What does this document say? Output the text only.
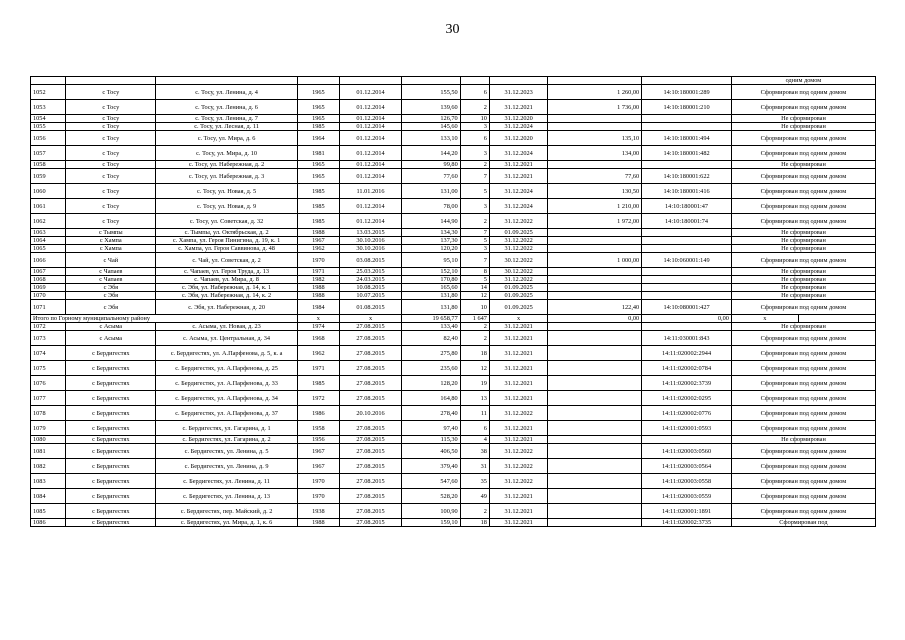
30
										одним домом	
1052	с Тосу	с. Тосу, ул. Ленина, д. 4	1965	01.12.2014	155,50	6	31.12.2023	1 260,00	14:10:180001:289	Сформирован под одним домом	
1053	с Тосу	с. Тосу, ул. Ленина, д. 6	1965	01.12.2014	139,60	2	31.12.2021	1 736,00	14:10:180001:210	Сформирован под одним домом	
1054	с Тосу	с. Тосу, ул. Ленина, д. 7	1965	01.12.2014	126,70	10	31.12.2020			Не сформирован	
1055	с Тосу	с. Тосу, ул. Лесная, д. 11	1985	01.12.2014	145,60	3	31.12.2024			Не сформирован	
1056	с Тосу	с. Тосу, ул. Мира, д. 6	1964	01.12.2014	133,10	6	31.12.2020	135,10	14:10:180001:494	Сформирован под одним домом	
1057	с Тосу	с. Тосу, ул. Мира, д. 10	1981	01.12.2014	144,20	3	31.12.2024	134,00	14:10:180001:482	Сформирован под одним домом	
1058	с Тосу	с. Тосу, ул. Набережная, д. 2	1965	01.12.2014	99,80	2	31.12.2021			Не сформирован	
1059	с Тосу	с. Тосу, ул. Набережная, д. 3	1965	01.12.2014	77,60	7	31.12.2021	77,60	14:10:180001:622	Сформирован под одним домом	
1060	с Тосу	с. Тосу, ул. Новая, д. 5	1985	11.01.2016	131,00	5	31.12.2024	130,50	14:10:180001:416	Сформирован под одним домом	
1061	с Тосу	с. Тосу, ул. Новая, д. 9	1985	01.12.2014	78,00	3	31.12.2024	1 210,00	14:10:180001:47	Сформирован под одним домом	
1062	с Тосу	с. Тосу, ул. Советская, д. 32	1985	01.12.2014	144,90	2	31.12.2022	1 972,00	14:10:180001:74	Сформирован под одним домом	
1063	с Тымпы	с. Тымпы, ул. Октябрьская, д. 2	1988	13.03.2015	134,30	7	01.09.2025			Не сформирован	
1064	с Хампа	с. Хампа, ул. Героя Пинигина, д. 19, к. 1	1967	30.10.2016	137,30	5	31.12.2022			Не сформирован	
1065	с Хампа	с. Хампа, ул. Героя Саввинова, д. 48	1962	30.10.2016	120,20	3	31.12.2022			Не сформирован	
1066	с Чай	с. Чай, ул. Советская, д. 2	1970	03.08.2015	95,10	7	30.12.2022	1 000,00	14:10:060001:149	Сформирован под одним домом	
1067	с Чапаев	с. Чапаев, ул. Героя Труда, д. 13	1971	25.03.2015	152,10	8	30.12.2022			Не сформирован	
1068	с Чапаев	с. Чапаев, ул. Мира, д. 8	1982	24.03.2015	170,80	5	31.12.2022			Не сформирован	
1069	с Эбя	с. Эбя, ул. Набережная, д. 14, к. 1	1988	10.08.2015	165,60	14	01.09.2025			Не сформирован	
1070	с Эбя	с. Эбя, ул. Набережная, д. 14, к. 2	1988	10.07.2015	131,80	12	01.09.2025			Не сформирован	
1071	с Эбя	с. Эбя, ул. Набережная, д. 20	1984	01.08.2015	131,80	10	01.09.2025	122,40	14:10:080001:427	Сформирован под одним домом	
Итого по Горному муниципальному району			x	x	19 658,77	1 647	x	0,00	0,00	x	
1072	с Асыма	с. Асыма, ул. Новая, д. 23	1974	27.08.2015	133,40	2	31.12.2021			Не сформирован	
1073	с Асыма	с. Асыма, ул. Центральная, д. 34	1968	27.08.2015	82,40	2	31.12.2021		14:11:030001:843	Сформирован под одним домом	
1074	с Бердигестях	с. Бердигестях, ул. А.Парфенова, д. 5, к. а	1962	27.08.2015	275,80	18	31.12.2021		14:11:020002:2944	Сформирован под одним домом	
1075	с Бердигестях	с. Бердигестях, ул. А.Парфенова, д. 25	1971	27.08.2015	235,60	12	31.12.2021		14:11:020002:0784	Сформирован под одним домом	
1076	с Бердигестях	с. Бердигестях, ул. А.Парфенова, д. 33	1985	27.08.2015	128,20	19	31.12.2021		14:11:020002:3739	Сформирован под одним домом	
1077	с Бердигестях	с. Бердигестях, ул. А.Парфенова, д. 34	1972	27.08.2015	164,80	13	31.12.2021		14:11:020002:0295	Сформирован под одним домом	
1078	с Бердигестях	с. Бердигестях, ул. А.Парфенова, д. 37	1986	20.10.2016	278,40	11	31.12.2022		14:11:020002:0776	Сформирован под одним домом	
1079	с Бердигестях	с. Бердигестях, ул. Гагарина, д. 1	1958	27.08.2015	97,40	6	31.12.2021		14:11:020001:0593	Сформирован под одним домом	
1080	с Бердигестях	с. Бердигестях, ул. Гагарина, д. 2	1956	27.08.2015	115,30	4	31.12.2021			Не сформирован	
1081	с Бердигестях	с. Бердигестях, ул. Ленина, д. 5	1967	27.08.2015	406,50	38	31.12.2022		14:11:020003:0560	Сформирован под одним домом	
1082	с Бердигестях	с. Бердигестях, ул. Ленина, д. 9	1967	27.08.2015	379,40	31	31.12.2022		14:11:020003:0564	Сформирован под одним домом	
1083	с Бердигестях	с. Бердигестях, ул. Ленина, д. 11	1970	27.08.2015	547,60	35	31.12.2022		14:11:020003:0558	Сформирован под одним домом	
1084	с Бердигестях	с. Бердигестях, ул. Ленина, д. 13	1970	27.08.2015	528,20	49	31.12.2021		14:11:020003:0559	Сформирован под одним домом	
1085	с Бердигестях	с. Бердигестях, пер. Майский, д. 2	1938	27.08.2015	100,90	2	31.12.2021		14:11:020001:1891	Сформирован под одним домом	
1086	с Бердигестях	с. Бердигестях, ул. Мира, д. 1, к. 6	1988	27.08.2015	159,10	18	31.12.2021		14:11:020002:3735	Сформирован под	
